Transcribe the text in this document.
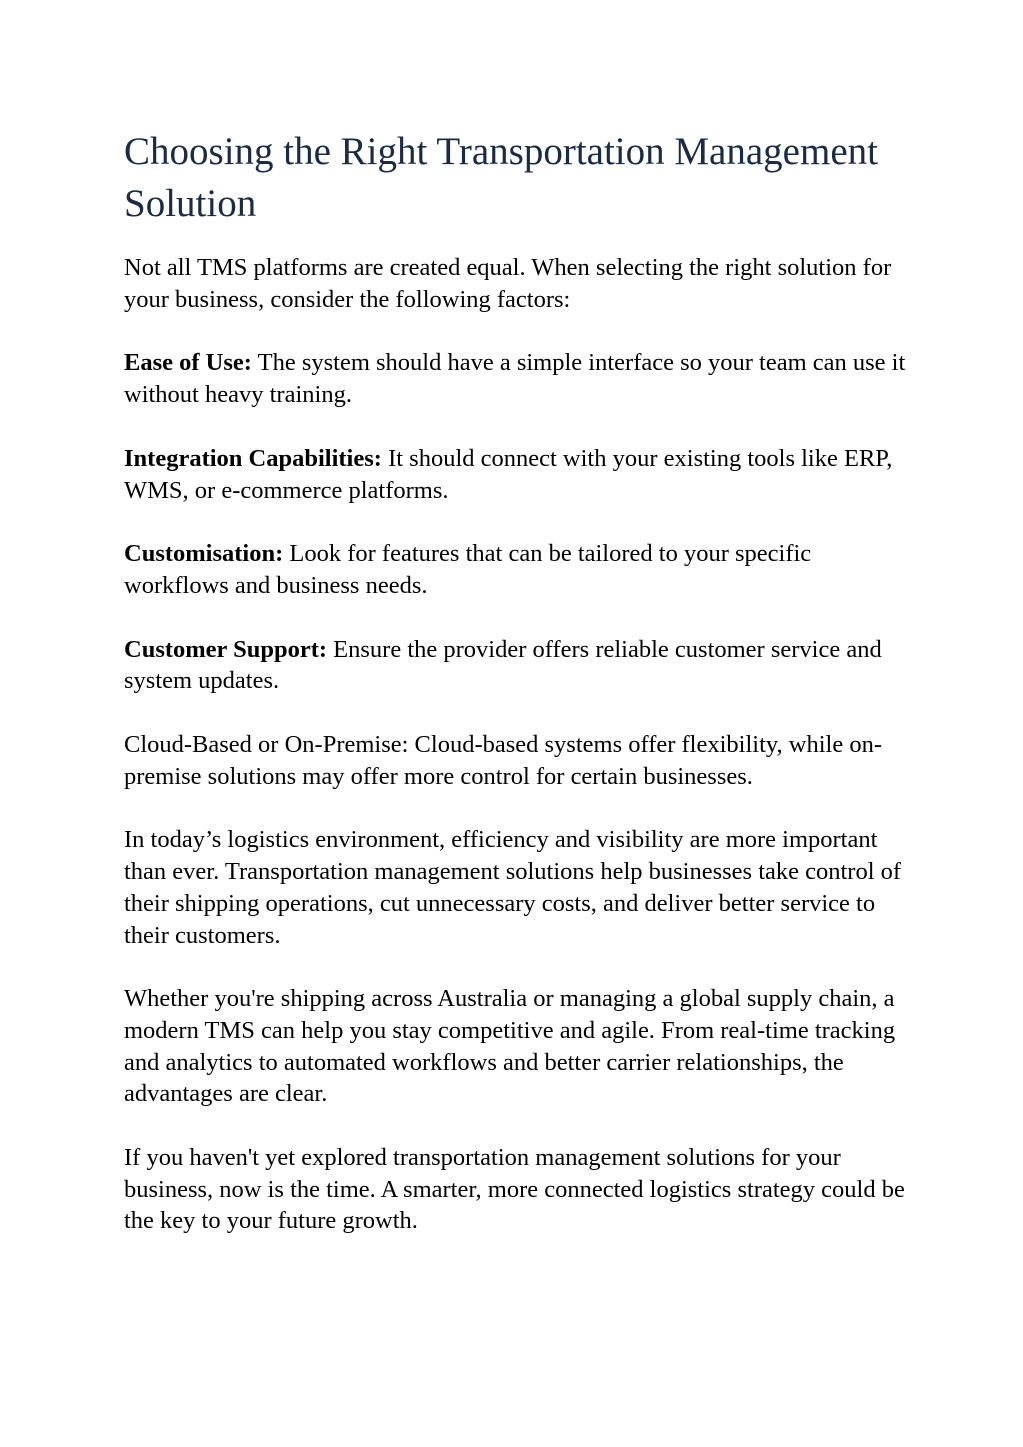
Choosing the Right Transportation Management Solution

Not all TMS platforms are created equal. When selecting the right solution for your business, consider the following factors:

Ease of Use: The system should have a simple interface so your team can use it without heavy training.

Integration Capabilities: It should connect with your existing tools like ERP, WMS, or e-commerce platforms.

Customisation: Look for features that can be tailored to your specific workflows and business needs.

Customer Support: Ensure the provider offers reliable customer service and system updates.

Cloud-Based or On-Premise: Cloud-based systems offer flexibility, while on-premise solutions may offer more control for certain businesses.

In today’s logistics environment, efficiency and visibility are more important than ever. Transportation management solutions help businesses take control of their shipping operations, cut unnecessary costs, and deliver better service to their customers.

Whether you're shipping across Australia or managing a global supply chain, a modern TMS can help you stay competitive and agile. From real-time tracking and analytics to automated workflows and better carrier relationships, the advantages are clear.

If you haven't yet explored transportation management solutions for your business, now is the time. A smarter, more connected logistics strategy could be the key to your future growth.
